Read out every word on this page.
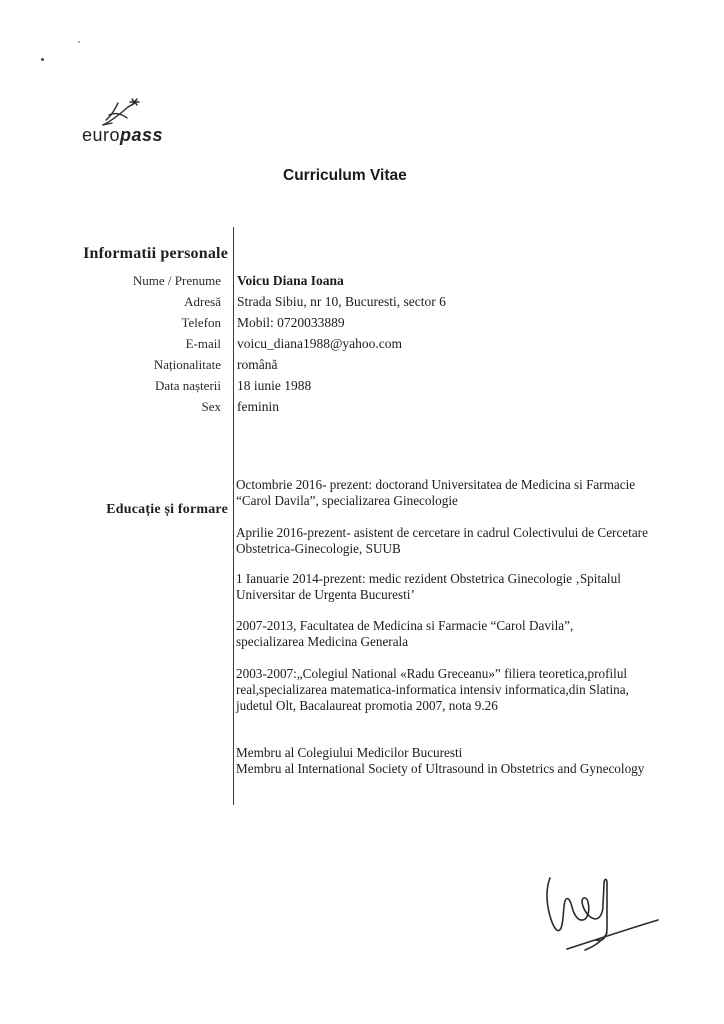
europass
Curriculum Vitae
Informatii personale
Nume / Prenume	Voicu Diana Ioana
Adresă	Strada Sibiu, nr 10, Bucuresti, sector 6
Telefon	Mobil: 0720033889
E-mail	voicu_diana1988@yahoo.com
Naționalitate	română
Data nașterii	18 iunie 1988
Sex	feminin
Educație și formare
Octombrie 2016- prezent: doctorand Universitatea de Medicina si Farmacie
“Carol Davila”, specializarea Ginecologie
Aprilie 2016-prezent- asistent de cercetare in cadrul Colectivului de Cercetare
Obstetrica-Ginecologie, SUUB
1 Ianuarie 2014-prezent: medic rezident Obstetrica Ginecologie ‚Spitalul
Universitar de Urgenta Bucuresti’
2007-2013, Facultatea de Medicina si Farmacie “Carol Davila”,
specializarea Medicina Generala
2003-2007:„Colegiul National «Radu Greceanu»” filiera teoretica,profilul
real,specializarea matematica-informatica intensiv informatica,din Slatina,
judetul Olt, Bacalaureat promotia 2007, nota 9.26
Membru al Colegiului Medicilor Bucuresti
Membru al International Society of Ultrasound in Obstetrics and Gynecology
